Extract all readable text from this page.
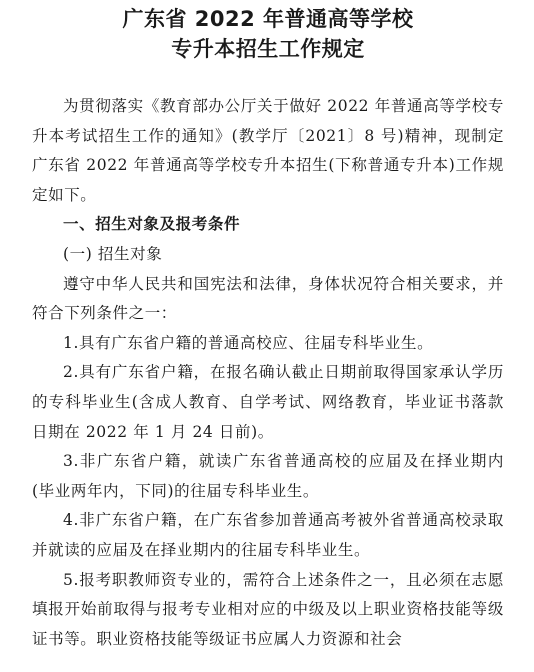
广东省 2022 年普通高等学校
专升本招生工作规定

为贯彻落实《教育部办公厅关于做好 2022 年普通高等学校专升本考试招生工作的通知》(教学厅〔2021〕8 号)精神，现制定广东省 2022 年普通高等学校专升本招生(下称普通专升本)工作规定如下。

一、招生对象及报考条件

(一) 招生对象

遵守中华人民共和国宪法和法律，身体状况符合相关要求，并符合下列条件之一：

1.具有广东省户籍的普通高校应、往届专科毕业生。

2.具有广东省户籍，在报名确认截止日期前取得国家承认学历的专科毕业生(含成人教育、自学考试、网络教育，毕业证书落款日期在 2022 年 1 月 24 日前)。

3.非广东省户籍，就读广东省普通高校的应届及在择业期内(毕业两年内，下同)的往届专科毕业生。

4.非广东省户籍，在广东省参加普通高考被外省普通高校录取并就读的应届及在择业期内的往届专科毕业生。

5.报考职教师资专业的，需符合上述条件之一，且必须在志愿填报开始前取得与报考专业相对应的中级及以上职业资格技能等级证书等。职业资格技能等级证书应属人力资源和社会
